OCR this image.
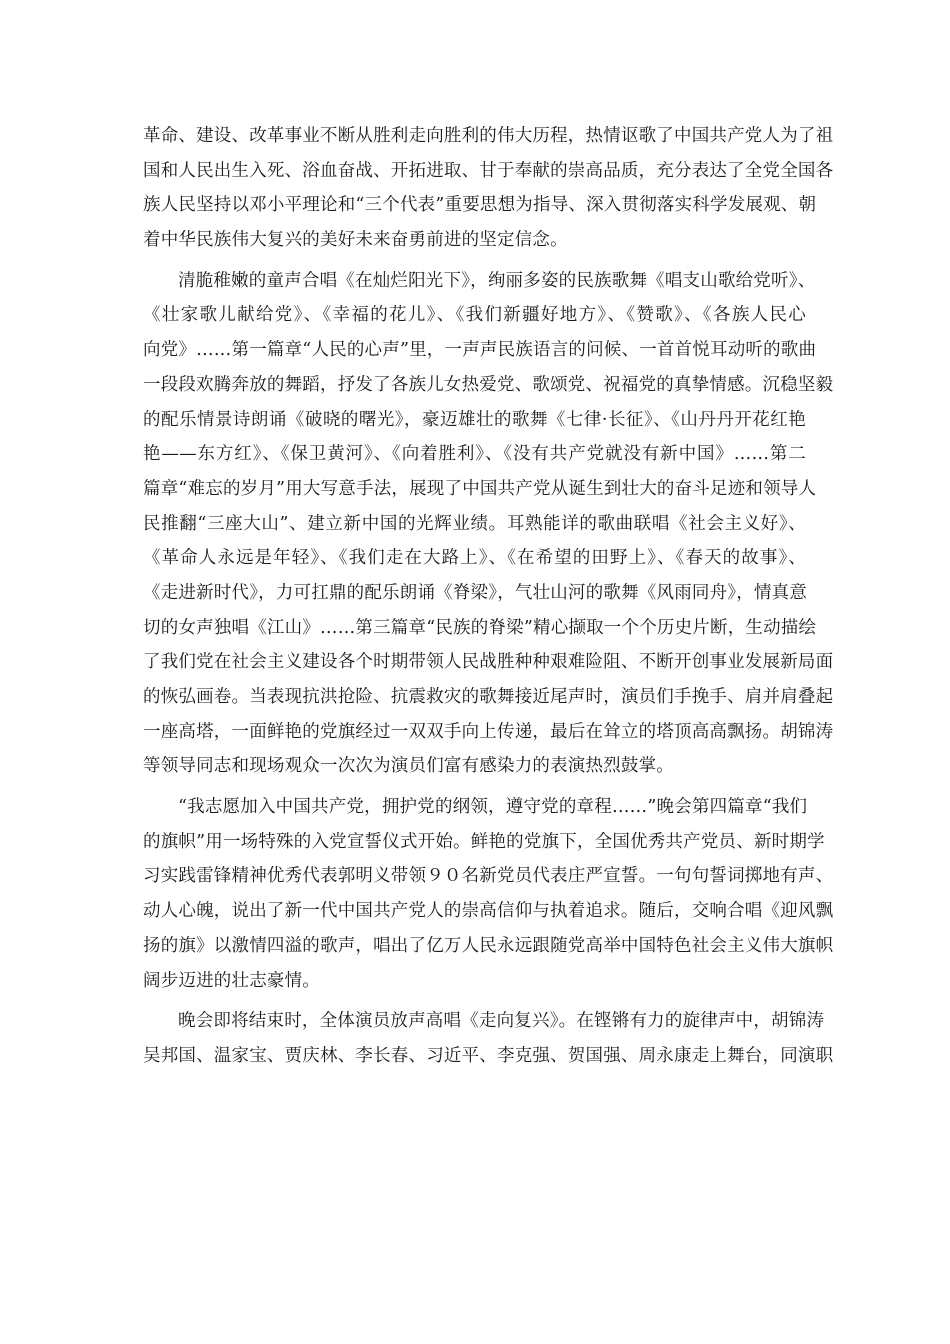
革命、建设、改革事业不断从胜利走向胜利的伟大历程，热情讴歌了中国共产党人为了祖
国和人民出生入死、浴血奋战、开拓进取、甘于奉献的崇高品质，充分表达了全党全国各
族人民坚持以邓小平理论和“三个代表”重要思想为指导、深入贯彻落实科学发展观、朝
着中华民族伟大复兴的美好未来奋勇前进的坚定信念。
清脆稚嫩的童声合唱《在灿烂阳光下》，绚丽多姿的民族歌舞《唱支山歌给党听》、
《壮家歌儿献给党》、《幸福的花儿》、《我们新疆好地方》、《赞歌》、《各族人民心
向党》……第一篇章“人民的心声”里，一声声民族语言的问候、一首首悦耳动听的歌曲
一段段欢腾奔放的舞蹈，抒发了各族儿女热爱党、歌颂党、祝福党的真挚情感。沉稳坚毅
的配乐情景诗朗诵《破晓的曙光》，豪迈雄壮的歌舞《七律·长征》、《山丹丹开花红艳
艳——东方红》、《保卫黄河》、《向着胜利》、《没有共产党就没有新中国》……第二
篇章“难忘的岁月”用大写意手法，展现了中国共产党从诞生到壮大的奋斗足迹和领导人
民推翻“三座大山”、建立新中国的光辉业绩。耳熟能详的歌曲联唱《社会主义好》、
《革命人永远是年轻》、《我们走在大路上》、《在希望的田野上》、《春天的故事》、
《走进新时代》，力可扛鼎的配乐朗诵《脊梁》，气壮山河的歌舞《风雨同舟》，情真意
切的女声独唱《江山》……第三篇章“民族的脊梁”精心撷取一个个历史片断，生动描绘
了我们党在社会主义建设各个时期带领人民战胜种种艰难险阻、不断开创事业发展新局面
的恢弘画卷。当表现抗洪抢险、抗震救灾的歌舞接近尾声时，演员们手挽手、肩并肩叠起
一座高塔，一面鲜艳的党旗经过一双双手向上传递，最后在耸立的塔顶高高飘扬。胡锦涛
等领导同志和现场观众一次次为演员们富有感染力的表演热烈鼓掌。
“我志愿加入中国共产党，拥护党的纲领，遵守党的章程……”晚会第四篇章“我们
的旗帜”用一场特殊的入党宣誓仪式开始。鲜艳的党旗下，全国优秀共产党员、新时期学
习实践雷锋精神优秀代表郭明义带领９０名新党员代表庄严宣誓。一句句誓词掷地有声、
动人心魄，说出了新一代中国共产党人的崇高信仰与执着追求。随后，交响合唱《迎风飘
扬的旗》以激情四溢的歌声，唱出了亿万人民永远跟随党高举中国特色社会主义伟大旗帜
阔步迈进的壮志豪情。
晚会即将结束时，全体演员放声高唱《走向复兴》。在铿锵有力的旋律声中，胡锦涛
吴邦国、温家宝、贾庆林、李长春、习近平、李克强、贺国强、周永康走上舞台，同演职
